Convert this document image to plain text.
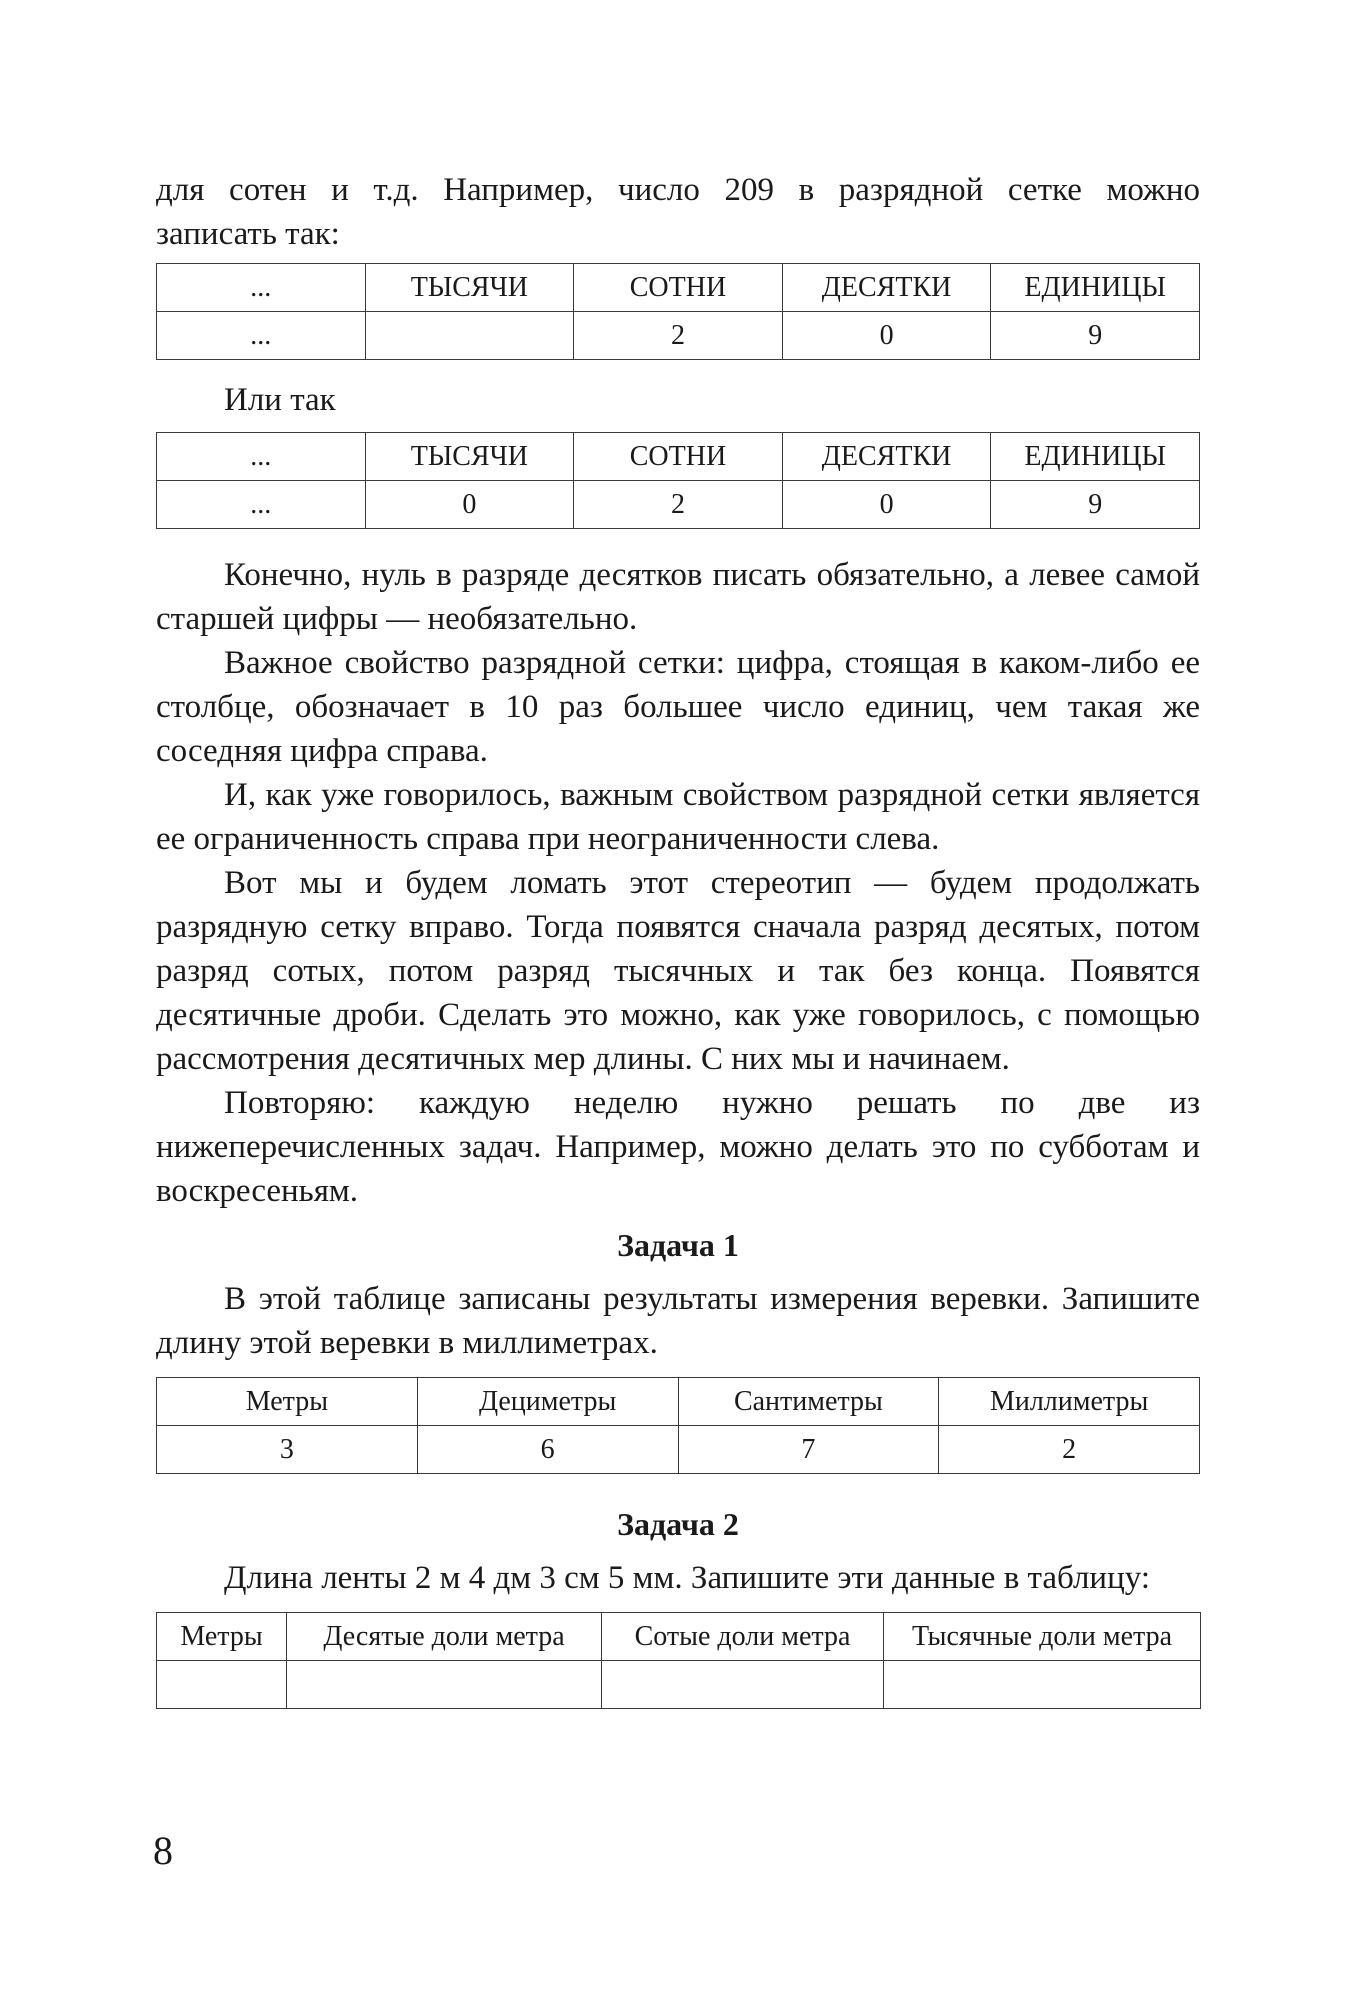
для сотен и т.д. Например, число 209 в разрядной сетке можно

записать так:

...	ТЫСЯЧИ	СОТНИ	ДЕСЯТКИ	ЕДИНИЦЫ
...		2	0	9

Или так

...	ТЫСЯЧИ	СОТНИ	ДЕСЯТКИ	ЕДИНИЦЫ
...	0	2	0	9

Конечно, нуль в разряде десятков писать обязательно, а левее самой старшей цифры — необязательно.

Важное свойство разрядной сетки: цифра, стоящая в каком-либо ее столбце, обозначает в 10 раз большее число единиц, чем такая же соседняя цифра справа.

И, как уже говорилось, важным свойством разрядной сетки является ее ограниченность справа при неограниченности слева.

Вот мы и будем ломать этот стереотип — будем продолжать разрядную сетку вправо. Тогда появятся сначала разряд десятых, потом разряд сотых, потом разряд тысячных и так без конца. Появятся десятичные дроби. Сделать это можно, как уже говорилось, с помощью рассмотрения десятичных мер длины. С них мы и начинаем.

Повторяю: каждую неделю нужно решать по две из нижеперечисленных задач. Например, можно делать это по субботам и воскресеньям.

Задача 1

В этой таблице записаны результаты измерения веревки. Запишите длину этой веревки в миллиметрах.

Метры	Дециметры	Сантиметры	Миллиметры
3	6	7	2
Задача 2

Длина ленты 2 м 4 дм 3 см 5 мм. Запишите эти данные в таблицу:

Метры	Десятые доли метра	Сотые доли метра	Тысячные доли метра

8
